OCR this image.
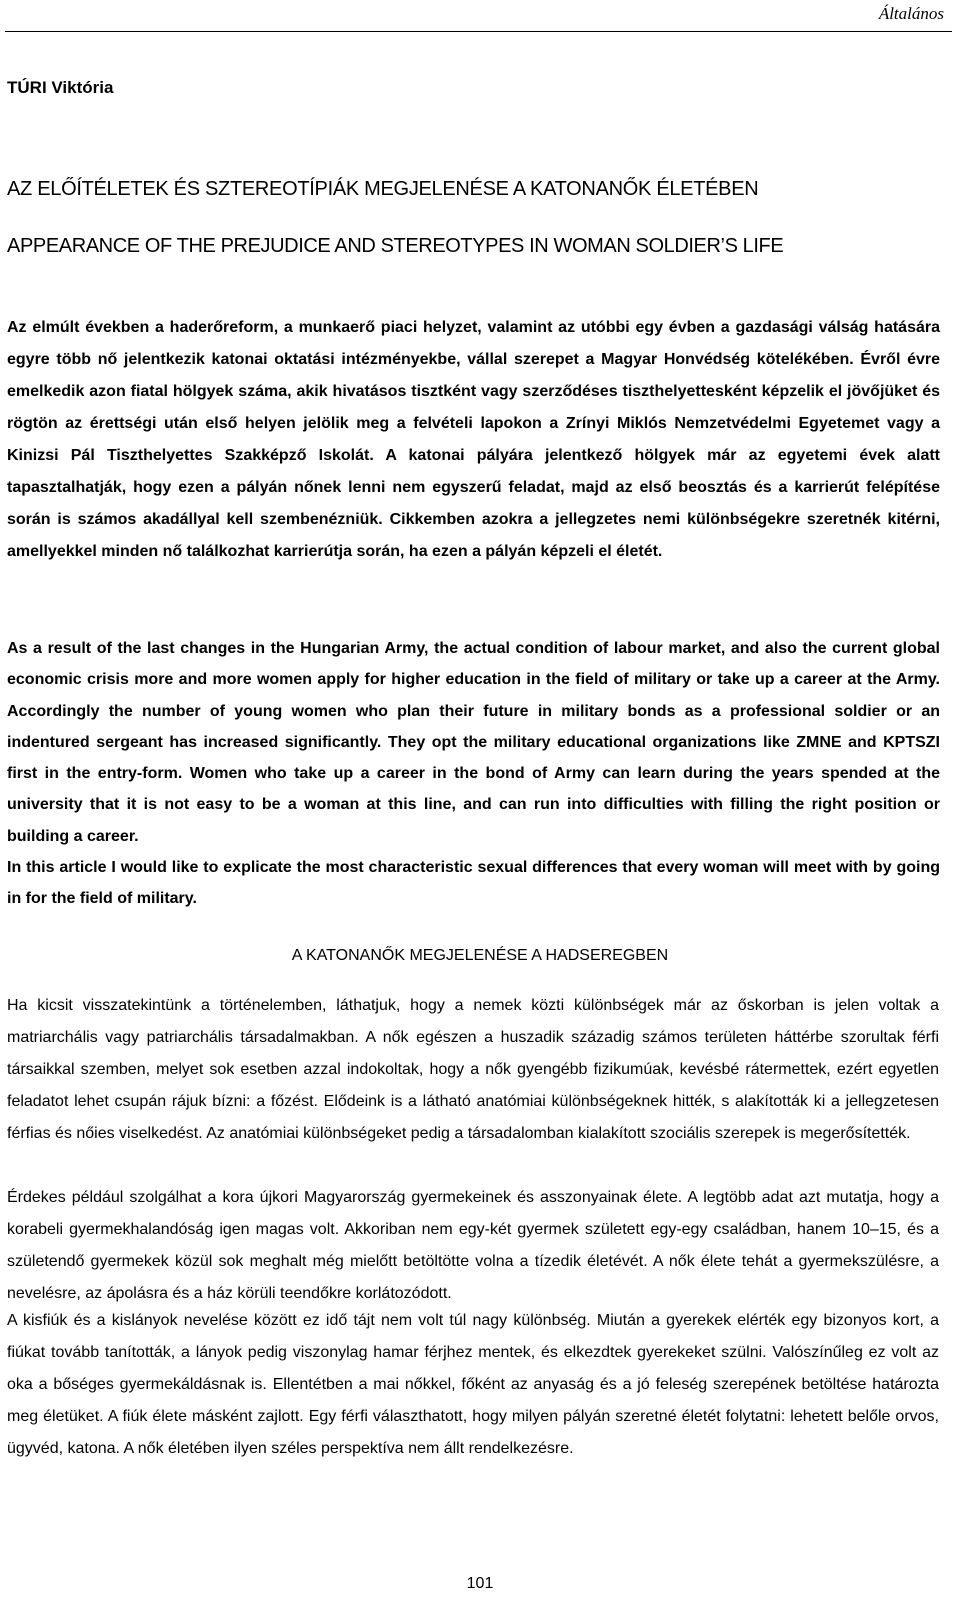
Általános
TÚRI Viktória
AZ ELŐÍTÉLETEK ÉS SZTEREOTÍPIÁK MEGJELENÉSE A KATONANŐK ÉLETÉBEN
APPEARANCE OF THE PREJUDICE AND STEREOTYPES IN WOMAN SOLDIER’S LIFE

Az elmúlt években a haderőreform, a munkaerő piaci helyzet, valamint az utóbbi egy évben a gazdasági válság hatására egyre több nő jelentkezik katonai oktatási intézményekbe, vállal szerepet a Magyar Honvédség kötelékében. Évről évre emelkedik azon fiatal hölgyek száma, akik hivatásos tisztként vagy szerződéses tiszthelyettesként képzelik el jövőjüket és rögtön az érettségi után első helyen jelölik meg a felvételi lapokon a Zrínyi Miklós Nemzetvédelmi Egyetemet vagy a Kinizsi Pál Tiszthelyettes Szakképző Iskolát. A katonai pályára jelentkező hölgyek már az egyetemi évek alatt tapasztalhatják, hogy ezen a pályán nőnek lenni nem egyszerű feladat, majd az első beosztás és a karrierút felépítése során is számos akadállyal kell szembenézniük. Cikkemben azokra a jellegzetes nemi különbségekre szeretnék kitérni, amellyekkel minden nő találkozhat karrierútja során, ha ezen a pályán képzeli el életét.

As a result of the last changes in the Hungarian Army, the actual condition of labour market, and also the current global economic crisis more and more women apply for higher education in the field of military or take up a career at the Army. Accordingly the number of young women who plan their future in military bonds as a professional soldier or an indentured sergeant has increased significantly. They opt the military educational organizations like ZMNE and KPTSZI first in the entry-form. Women who take up a career in the bond of Army can learn during the years spended at the university that it is not easy to be a woman at this line, and can run into difficulties with filling the right position or building a career.

In this article I would like to explicate the most characteristic sexual differences that every woman will meet with by going in for the field of military.

A KATONANŐK MEGJELENÉSE A HADSEREGBEN

Ha kicsit visszatekintünk a történelemben, láthatjuk, hogy a nemek közti különbségek már az őskorban is jelen voltak a matriarchális vagy patriarchális társadalmakban. A nők egészen a huszadik századig számos területen háttérbe szorultak férfi társaikkal szemben, melyet sok esetben azzal indokoltak, hogy a nők gyengébb fizikumúak, kevésbé rátermettek, ezért egyetlen feladatot lehet csupán rájuk bízni: a főzést. Elődeink is a látható anatómiai különbségeknek hitték, s alakították ki a jellegzetesen férfias és nőies viselkedést. Az anatómiai különbségeket pedig a társadalomban kialakított szociális szerepek is megerősítették.

Érdekes például szolgálhat a kora újkori Magyarország gyermekeinek és asszonyainak élete. A legtöbb adat azt mutatja, hogy a korabeli gyermekhalandóság igen magas volt. Akkoriban nem egy-két gyermek született egy-egy családban, hanem 10–15, és a születendő gyermekek közül sok meghalt még mielőtt betöltötte volna a tízedik életévét. A nők élete tehát a gyermekszülésre, a nevelésre, az ápolásra és a ház körüli teendőkre korlátozódott.

A kisfiúk és a kislányok nevelése között ez idő tájt nem volt túl nagy különbség. Miután a gyerekek elérték egy bizonyos kort, a fiúkat tovább tanították, a lányok pedig viszonylag hamar férjhez mentek, és elkezdtek gyerekeket szülni. Valószínűleg ez volt az oka a bőséges gyermekáldásnak is. Ellentétben a mai nőkkel, főként az anyaság és a jó feleség szerepének betöltése határozta meg életüket. A fiúk élete másként zajlott. Egy férfi választhatott, hogy milyen pályán szeretné életét folytatni: lehetett belőle orvos, ügyvéd, katona. A nők életében ilyen széles perspektíva nem állt rendelkezésre.

101
